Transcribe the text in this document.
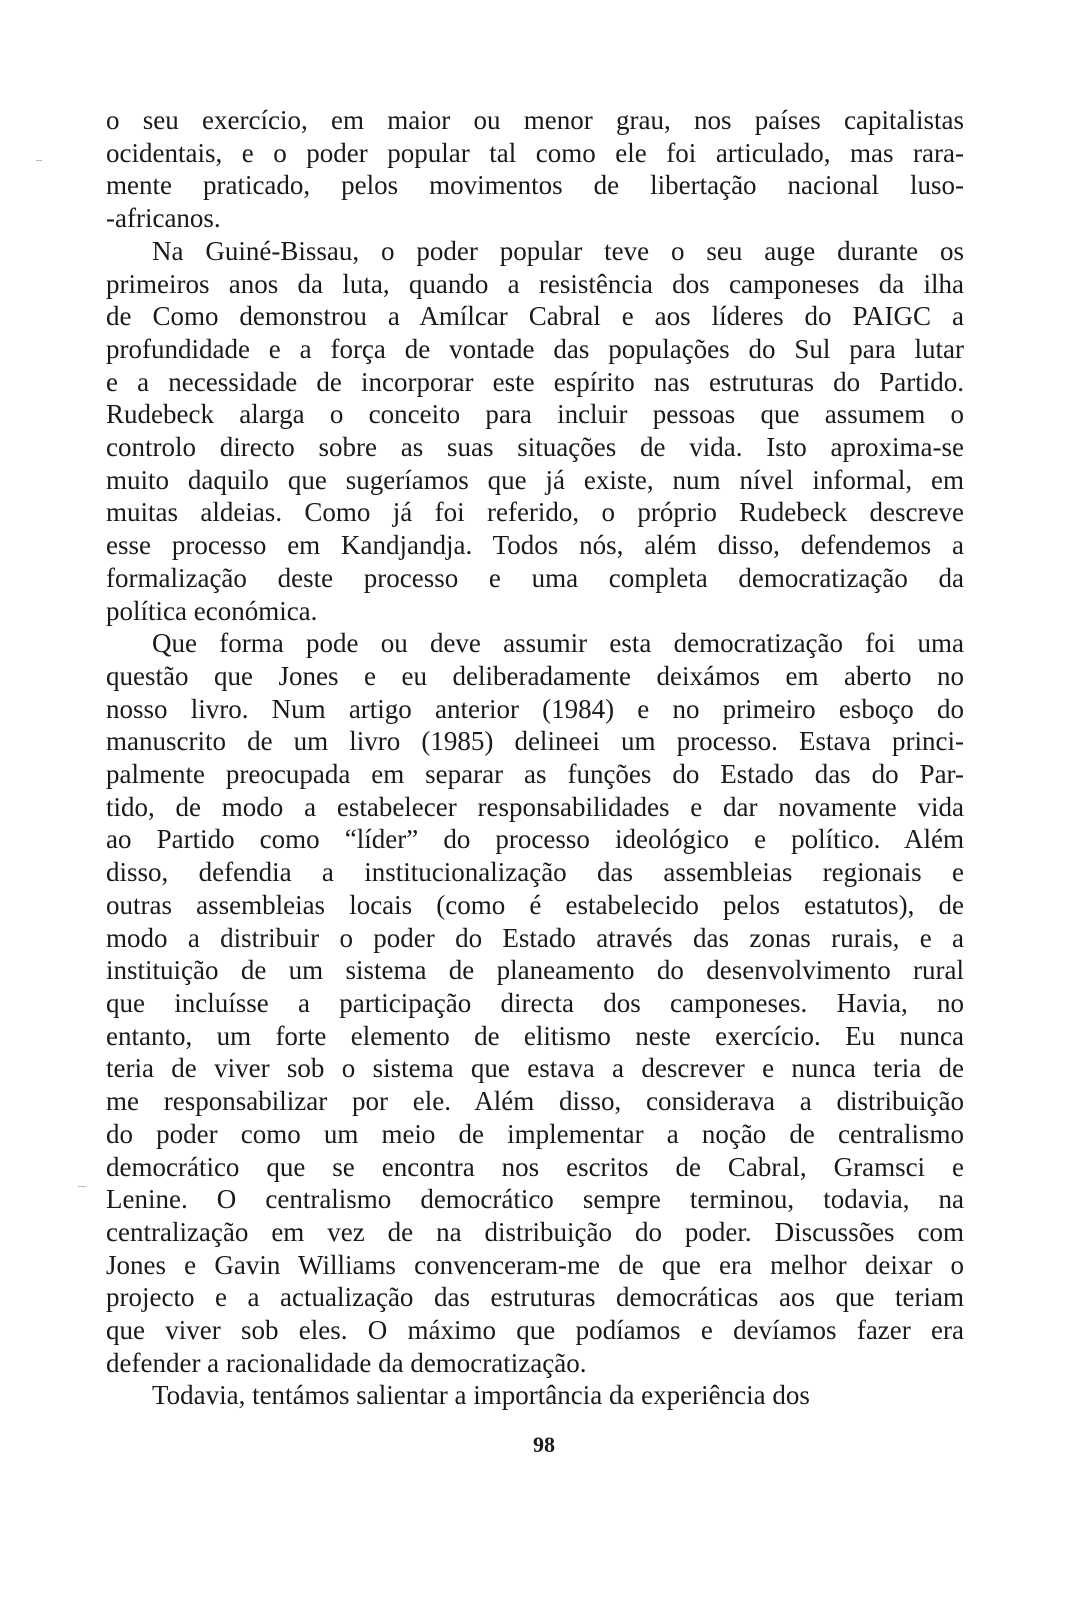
o seu exercício, em maior ou menor grau, nos países capitalistas
ocidentais, e o poder popular tal como ele foi articulado, mas rara-
mente praticado, pelos movimentos de libertação nacional luso-
-africanos.
Na Guiné-Bissau, o poder popular teve o seu auge durante os
primeiros anos da luta, quando a resistência dos camponeses da ilha
de Como demonstrou a Amílcar Cabral e aos líderes do PAIGC a
profundidade e a força de vontade das populações do Sul para lutar
e a necessidade de incorporar este espírito nas estruturas do Partido.
Rudebeck alarga o conceito para incluir pessoas que assumem o
controlo directo sobre as suas situações de vida. Isto aproxima-se
muito daquilo que sugeríamos que já existe, num nível informal, em
muitas aldeias. Como já foi referido, o próprio Rudebeck descreve
esse processo em Kandjandja. Todos nós, além disso, defendemos a
formalização deste processo e uma completa democratização da
política económica.
Que forma pode ou deve assumir esta democratização foi uma
questão que Jones e eu deliberadamente deixámos em aberto no
nosso livro. Num artigo anterior (1984) e no primeiro esboço do
manuscrito de um livro (1985) delineei um processo. Estava princi-
palmente preocupada em separar as funções do Estado das do Par-
tido, de modo a estabelecer responsabilidades e dar novamente vida
ao Partido como “líder” do processo ideológico e político. Além
disso, defendia a institucionalização das assembleias regionais e
outras assembleias locais (como é estabelecido pelos estatutos), de
modo a distribuir o poder do Estado através das zonas rurais, e a
instituição de um sistema de planeamento do desenvolvimento rural
que incluísse a participação directa dos camponeses. Havia, no
entanto, um forte elemento de elitismo neste exercício. Eu nunca
teria de viver sob o sistema que estava a descrever e nunca teria de
me responsabilizar por ele. Além disso, considerava a distribuição
do poder como um meio de implementar a noção de centralismo
democrático que se encontra nos escritos de Cabral, Gramsci e
Lenine. O centralismo democrático sempre terminou, todavia, na
centralização em vez de na distribuição do poder. Discussões com
Jones e Gavin Williams convenceram-me de que era melhor deixar o
projecto e a actualização das estruturas democráticas aos que teriam
que viver sob eles. O máximo que podíamos e devíamos fazer era
defender a racionalidade da democratização.
Todavia, tentámos salientar a importância da experiência dos
98
